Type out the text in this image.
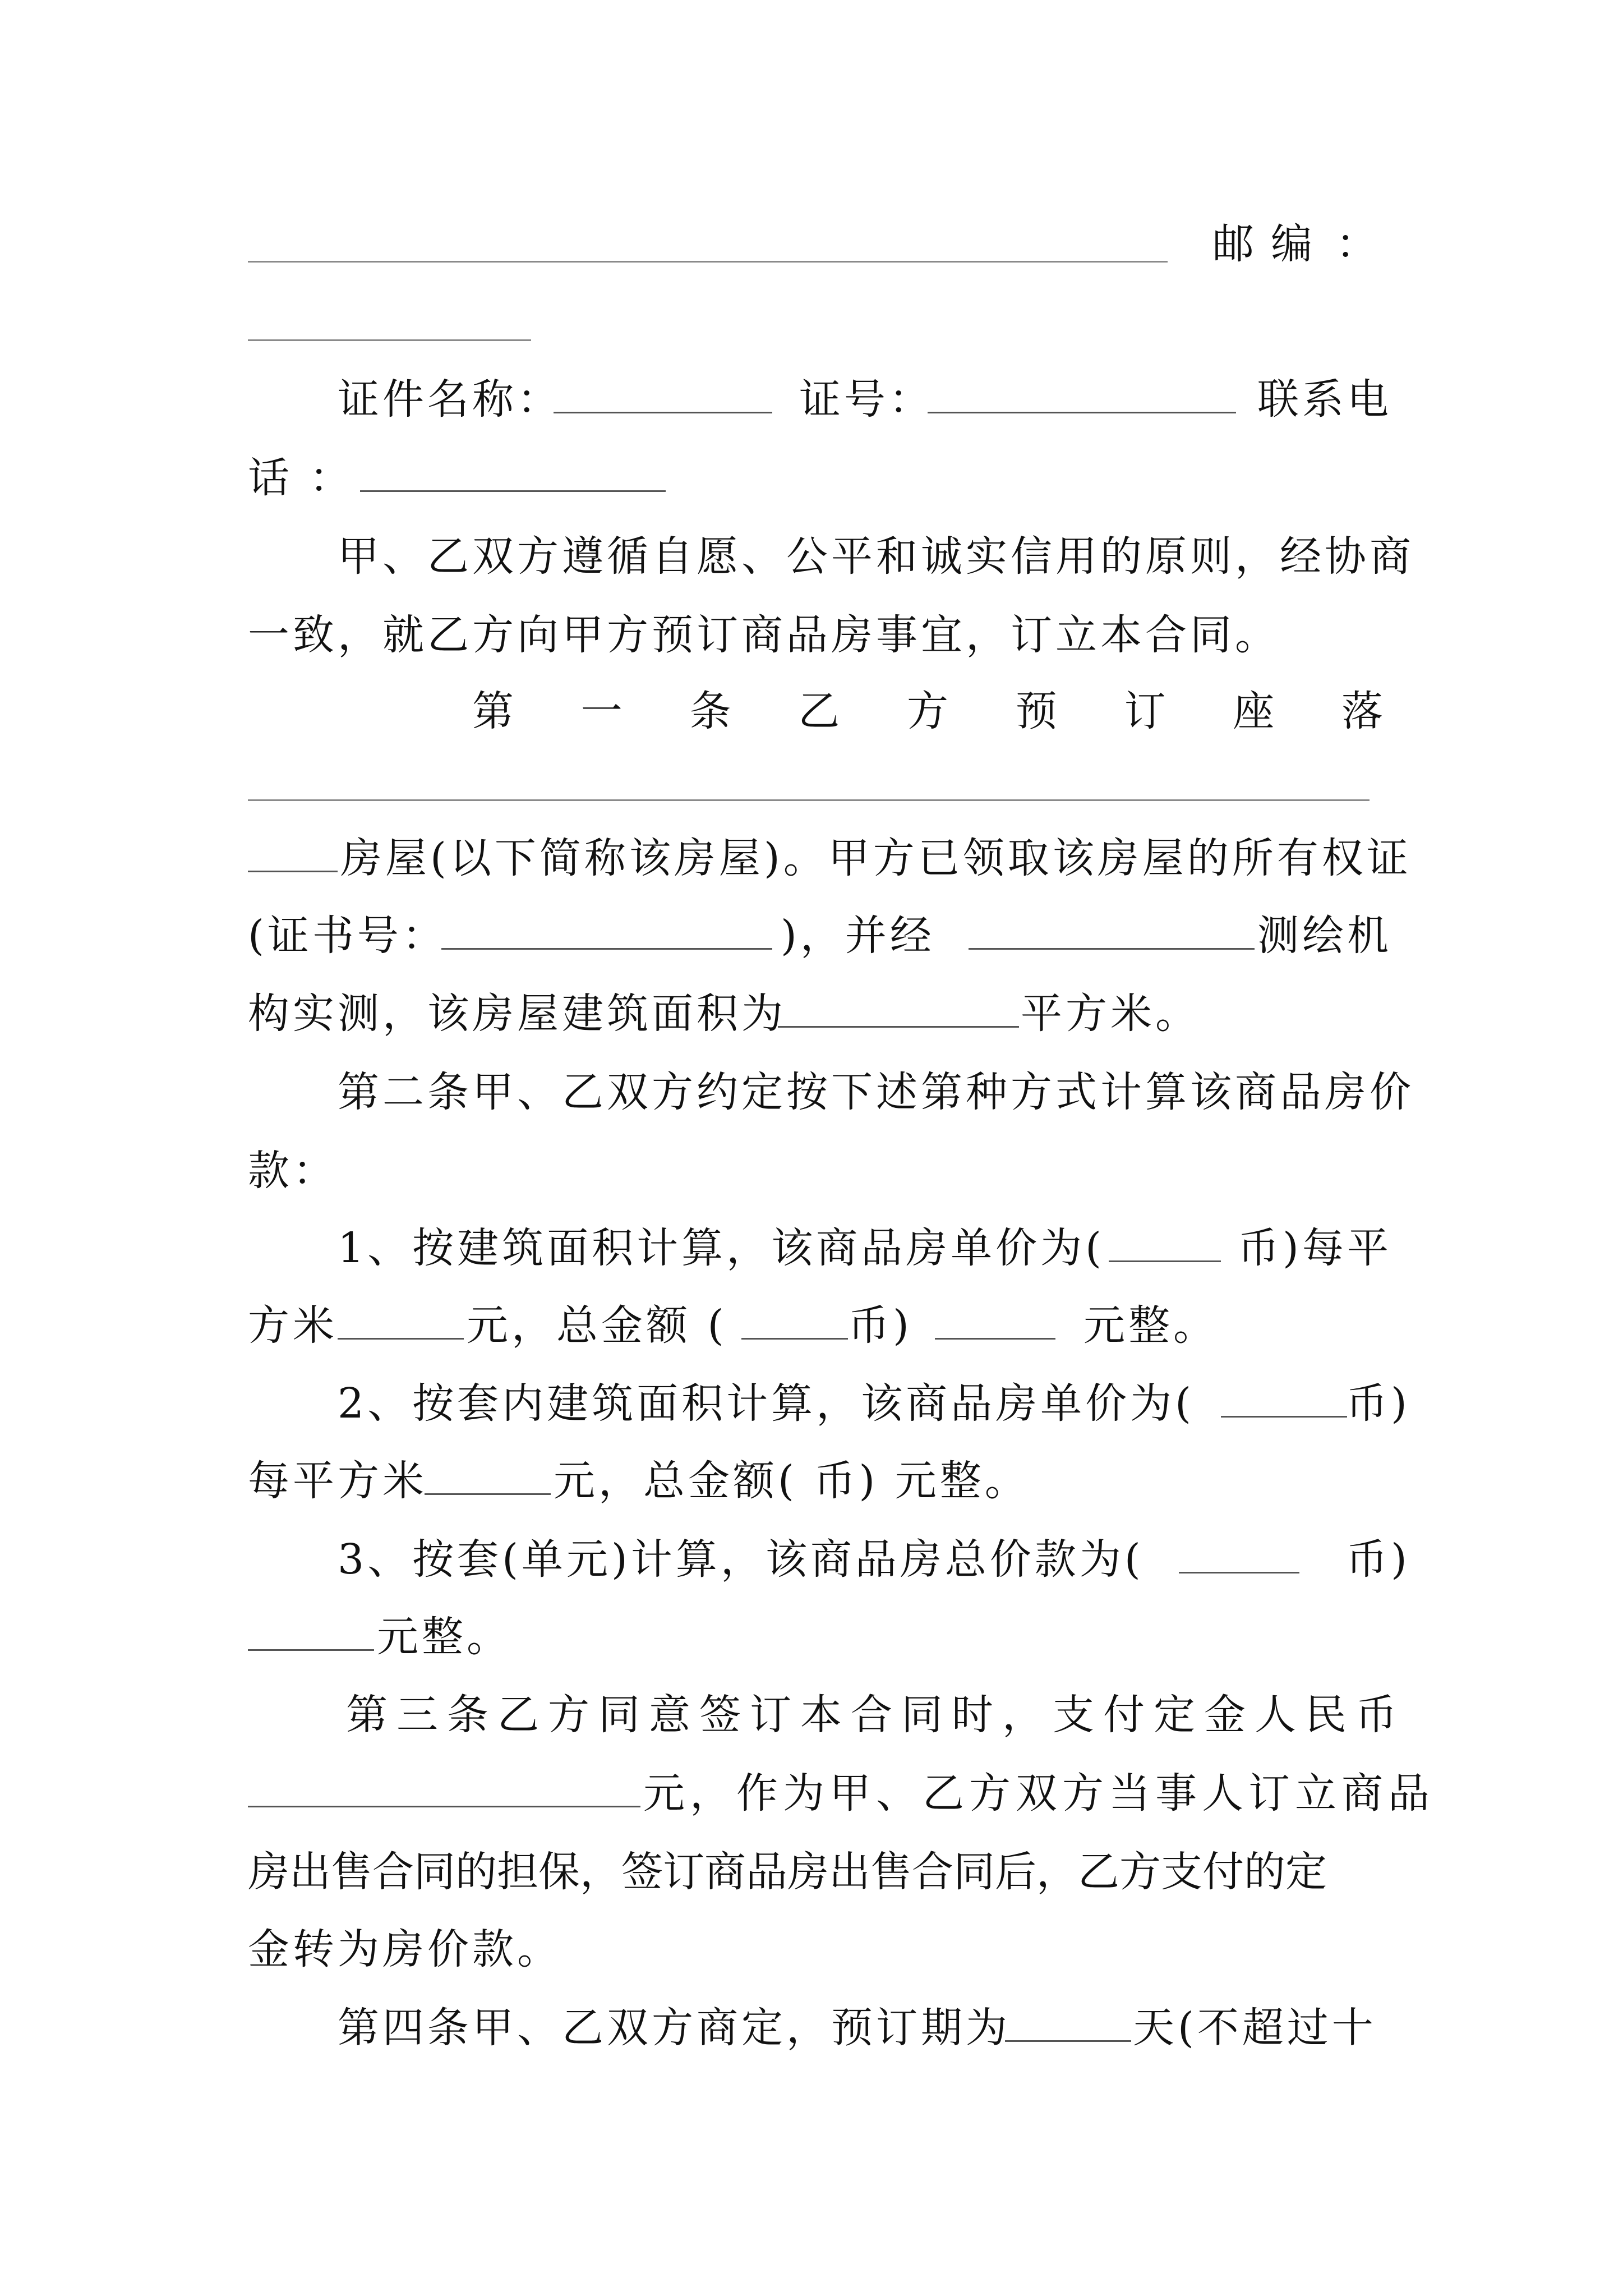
邮编 ：
证件名称：	证号：	联系电
话 ：
甲、乙双方遵循自愿、公平和诚实信用的原则，经协商
一致，就乙方向甲方预订商品房事宜，订立本合同。
第 一 条 乙 方 预 订 座 落
房屋(以下简称该房屋)。甲方已领取该房屋的所有权证
(证书号：	)，并经	测绘机
构实测，该房屋建筑面积为	平方米。
第二条甲、乙双方约定按下述第种方式计算该商品房价
款：
1、按建筑面积计算，该商品房单价为(	币)每平
方米	元，总金额 (	币)	元整。
2、按套内建筑面积计算，该商品房单价为(	币)
每平方米	元，总金额( 币) 元整。
3、按套(单元)计算，该商品房总价款为(	币)
元整。
第三条乙方同意签订本合同时，支付定金人民币
元，作为甲、乙方双方当事人订立商品
房出售合同的担保，签订商品房出售合同后，乙方支付的定
金转为房价款。
第四条甲、乙双方商定，预订期为	天(不超过十
